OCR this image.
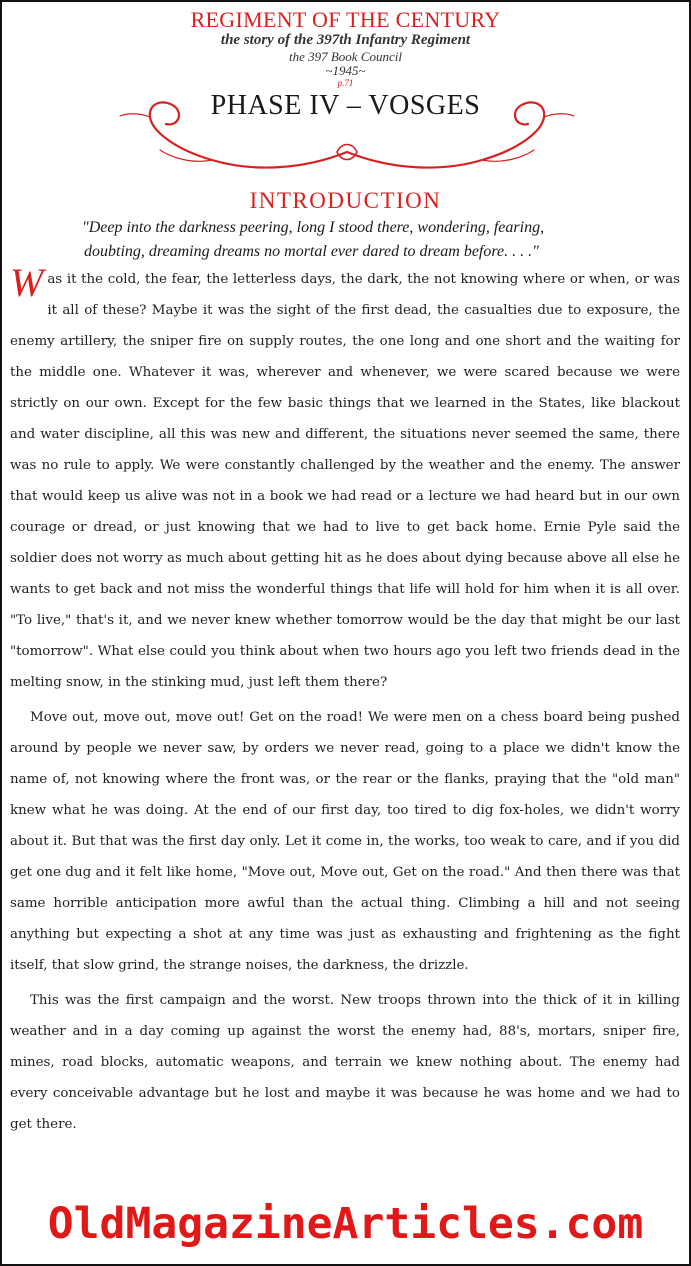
REGIMENT OF THE CENTURY
the story of the 397th Infantry Regiment
the 397 Book Council
~1945~
p.71
PHASE IV – VOSGES
INTRODUCTION
"Deep into the darkness peering, long I stood there, wondering, fearing,
doubting, dreaming dreams no mortal ever dared to dream before. . . ."

Was it the cold, the fear, the letterless days, the dark, the not knowing where or when, or was it all of these? Maybe it was the sight of the first dead, the casualties due to exposure, the enemy artillery, the sniper fire on supply routes, the one long and one short and the waiting for the middle one. Whatever it was, wherever and whenever, we were scared because we were strictly on our own. Except for the few basic things that we learned in the States, like blackout and water discipline, all this was new and different, the situations never seemed the same, there was no rule to apply. We were constantly challenged by the weather and the enemy. The answer that would keep us alive was not in a book we had read or a lecture we had heard but in our own courage or dread, or just knowing that we had to live to get back home. Ernie Pyle said the soldier does not worry as much about getting hit as he does about dying because above all else he wants to get back and not miss the wonderful things that life will hold for him when it is all over. "To live," that's it, and we never knew whether tomorrow would be the day that might be our last "tomorrow". What else could you think about when two hours ago you left two friends dead in the melting snow, in the stinking mud, just left them there?

Move out, move out, move out! Get on the road! We were men on a chess board being pushed around by people we never saw, by orders we never read, going to a place we didn't know the name of, not knowing where the front was, or the rear or the flanks, praying that the "old man" knew what he was doing. At the end of our first day, too tired to dig fox-holes, we didn't worry about it. But that was the first day only. Let it come in, the works, too weak to care, and if you did get one dug and it felt like home, "Move out, Move out, Get on the road." And then there was that same horrible anticipation more awful than the actual thing. Climbing a hill and not seeing anything but expecting a shot at any time was just as exhausting and frightening as the fight itself, that slow grind, the strange noises, the darkness, the drizzle.

This was the first campaign and the worst. New troops thrown into the thick of it in killing weather and in a day coming up against the worst the enemy had, 88's, mortars, sniper fire, mines, road blocks, automatic weapons, and terrain we knew nothing about. The enemy had every conceivable advantage but he lost and maybe it was because he was home and we had to get there.

OldMagazineArticles.com
